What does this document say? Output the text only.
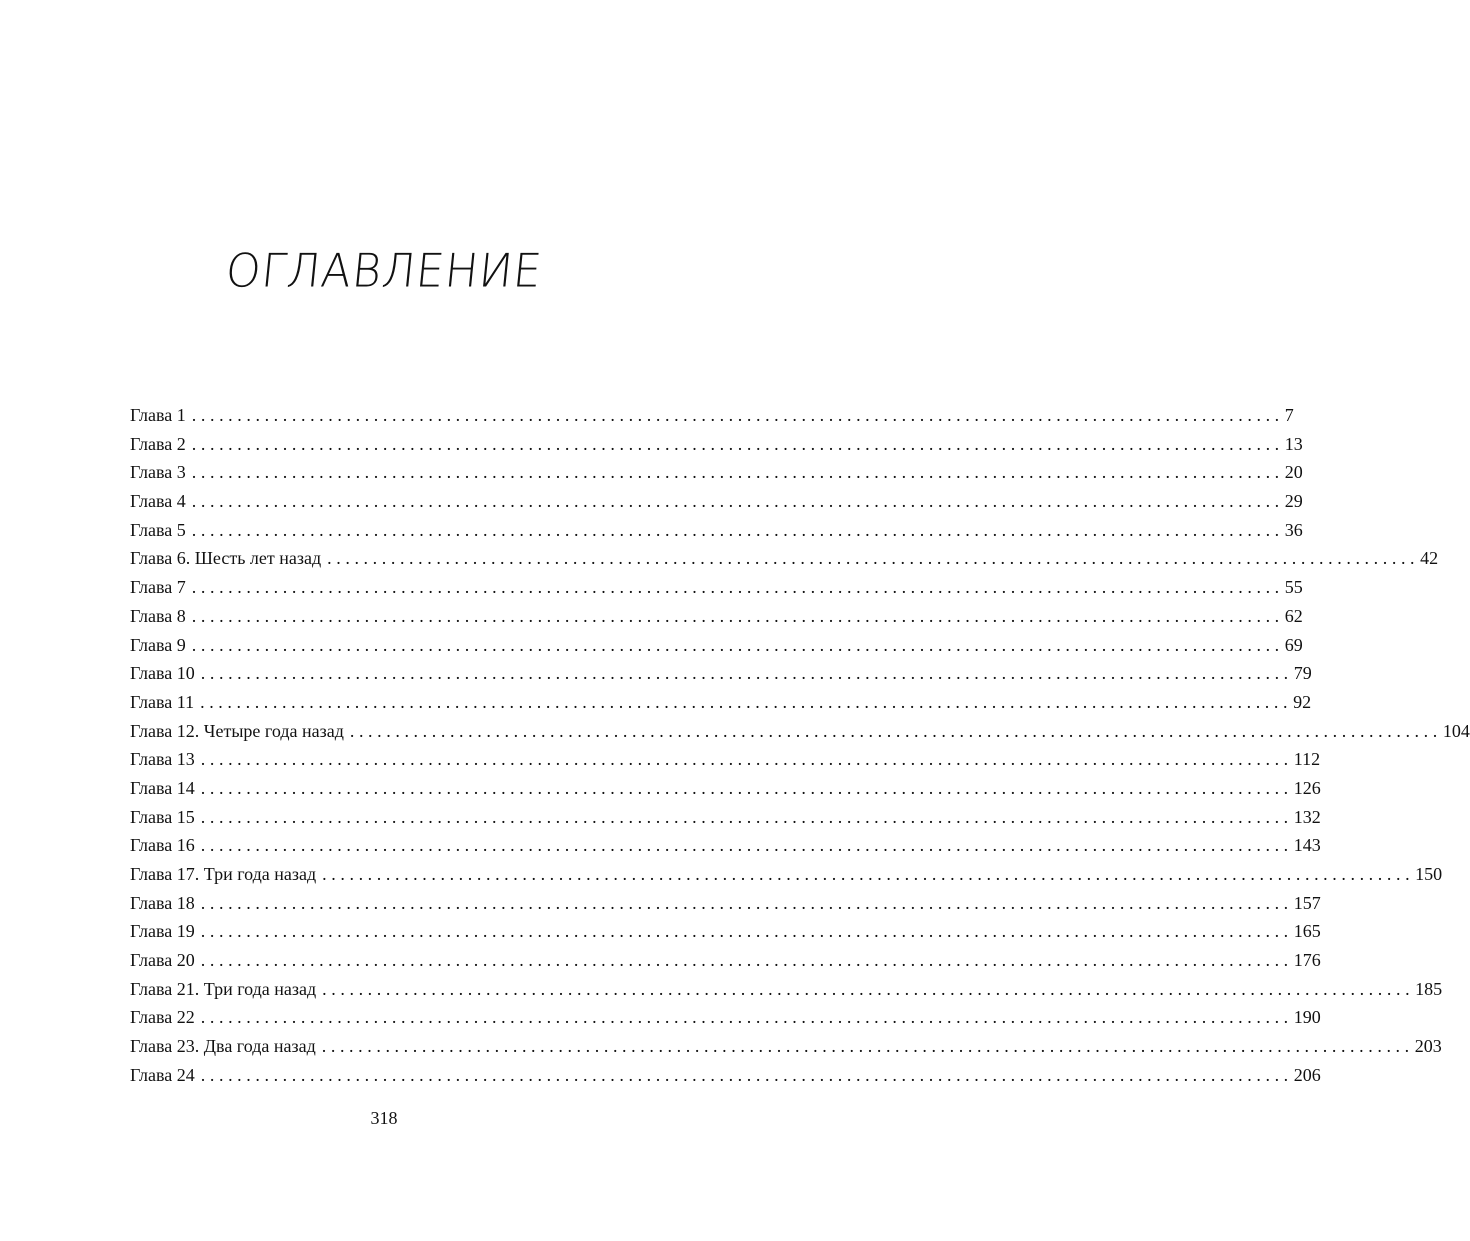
ОГЛАВЛЕНИЕ
Глава 1 ........................................................................................................................ 7
Глава 2 ........................................................................................................................ 13
Глава 3 ........................................................................................................................ 20
Глава 4 ........................................................................................................................ 29
Глава 5 ........................................................................................................................ 36
Глава 6. Шесть лет назад ........................................................................................................................ 42
Глава 7 ........................................................................................................................ 55
Глава 8 ........................................................................................................................ 62
Глава 9 ........................................................................................................................ 69
Глава 10 ........................................................................................................................ 79
Глава 11 ........................................................................................................................ 92
Глава 12. Четыре года назад ........................................................................................................................ 104
Глава 13 ........................................................................................................................ 112
Глава 14 ........................................................................................................................ 126
Глава 15 ........................................................................................................................ 132
Глава 16 ........................................................................................................................ 143
Глава 17. Три года назад ........................................................................................................................ 150
Глава 18 ........................................................................................................................ 157
Глава 19 ........................................................................................................................ 165
Глава 20 ........................................................................................................................ 176
Глава 21. Три года назад ........................................................................................................................ 185
Глава 22 ........................................................................................................................ 190
Глава 23. Два года назад ........................................................................................................................ 203
Глава 24 ........................................................................................................................ 206
318
